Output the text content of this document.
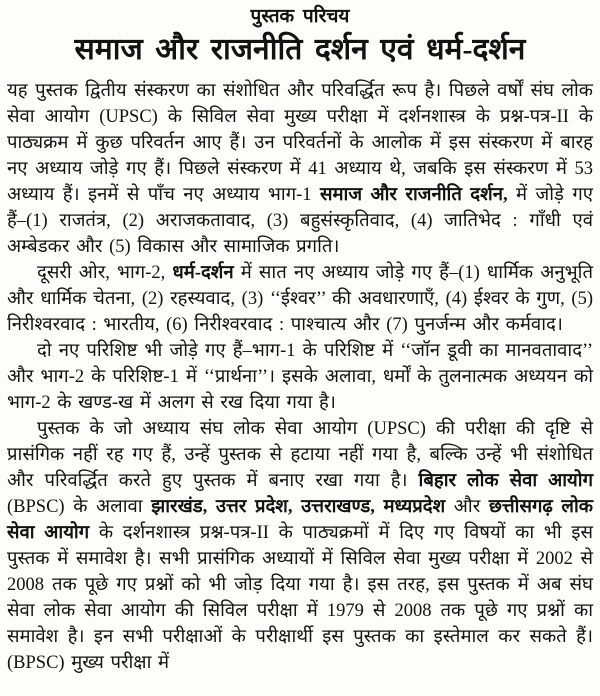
पुस्तक परिचय

समाज और राजनीति दर्शन एवं धर्म-दर्शन

यह पुस्तक द्वितीय संस्करण का संशोधित और परिवर्द्धित रूप है। पिछले वर्षों संघ लोक सेवा आयोग (UPSC) के सिविल सेवा मुख्य परीक्षा में दर्शनशास्त्र के प्रश्न-पत्र-II के पाठ्यक्रम में कुछ परिवर्तन आए हैं। उन परिवर्तनों के आलोक में इस संस्करण में बारह नए अध्याय जोड़े गए हैं। पिछले संस्करण में 41 अध्याय थे, जबकि इस संस्करण में 53 अध्याय हैं। इनमें से पाँच नए अध्याय भाग-1 समाज और राजनीति दर्शन, में जोड़े गए हैं–(1) राजतंत्र, (2) अराजकतावाद, (3) बहुसंस्कृतिवाद, (4) जातिभेद : गाँधी एवं अम्बेडकर और (5) विकास और सामाजिक प्रगति।

दूसरी ओर, भाग-2, धर्म-दर्शन में सात नए अध्याय जोड़े गए हैं–(1) धार्मिक अनुभूति और धार्मिक चेतना, (2) रहस्यवाद, (3) ‘‘ईश्वर’’ की अवधारणाएँ, (4) ईश्वर के गुण, (5) निरीश्वरवाद : भारतीय, (6) निरीश्वरवाद : पाश्चात्य और (7) पुनर्जन्म और कर्मवाद।

दो नए परिशिष्ट भी जोड़े गए हैं–भाग-1 के परिशिष्ट में ‘‘जॉन डूवी का मानवतावाद’’ और भाग-2 के परिशिष्ट-1 में ‘‘प्रार्थना’’। इसके अलावा, धर्मों के तुलनात्मक अध्ययन को भाग-2 के खण्ड-ख में अलग से रख दिया गया है।

पुस्तक के जो अध्याय संघ लोक सेवा आयोग (UPSC) की परीक्षा की दृष्टि से प्रासंगिक नहीं रह गए हैं, उन्हें पुस्तक से हटाया नहीं गया है, बल्कि उन्हें भी संशोधित और परिवर्द्धित करते हुए पुस्तक में बनाए रखा गया है। बिहार लोक सेवा आयोग (BPSC) के अलावा झारखंड, उत्तर प्रदेश, उत्तराखण्ड, मध्यप्रदेश और छत्तीसगढ़ लोक सेवा आयोग के दर्शनशास्त्र प्रश्न-पत्र-II के पाठ्यक्रमों में दिए गए विषयों का भी इस पुस्तक में समावेश है। सभी प्रासंगिक अध्यायों में सिविल सेवा मुख्य परीक्षा में 2002 से 2008 तक पूछे गए प्रश्नों को भी जोड़ दिया गया है। इस तरह, इस पुस्तक में अब संघ सेवा लोक सेवा आयोग की सिविल परीक्षा में 1979 से 2008 तक पूछे गए प्रश्नों का समावेश है। इन सभी परीक्षाओं के परीक्षार्थी इस पुस्तक का इस्तेमाल कर सकते हैं। (BPSC) मुख्य परीक्षा में
